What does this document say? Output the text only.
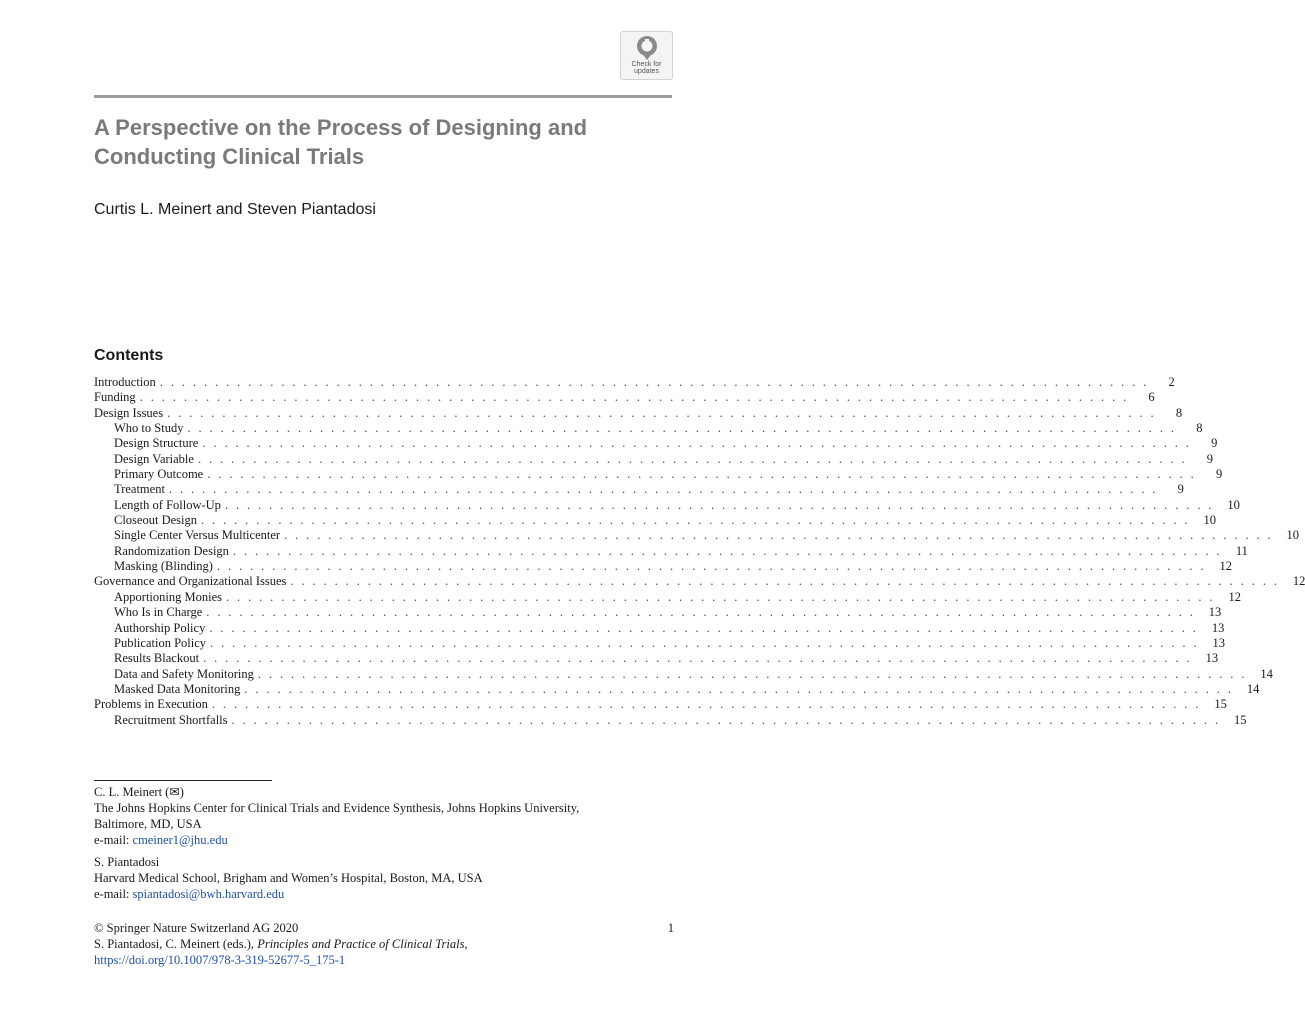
Check for
updates
A Perspective on the Process of Designing and Conducting Clinical Trials

Curtis L. Meinert and Steven Piantadosi

Contents
Introduction . . . . . . . . . . . . . . . . . . . . . . . . . . . . . . . . . . . . . . . . . . . . . . . . . . . . . . . . . . . . . . . . . . . . . . . . . . . . . . . . . . . . . . . . . .	2
Funding . . . . . . . . . . . . . . . . . . . . . . . . . . . . . . . . . . . . . . . . . . . . . . . . . . . . . . . . . . . . . . . . . . . . . . . . . . . . . . . . . . . . . . . . . .	6
Design Issues . . . . . . . . . . . . . . . . . . . . . . . . . . . . . . . . . . . . . . . . . . . . . . . . . . . . . . . . . . . . . . . . . . . . . . . . . . . . . . . . . . . . . . . . . .	8
Who to Study . . . . . . . . . . . . . . . . . . . . . . . . . . . . . . . . . . . . . . . . . . . . . . . . . . . . . . . . . . . . . . . . . . . . . . . . . . . . . . . . . . . . . . . . . .	8
Design Structure . . . . . . . . . . . . . . . . . . . . . . . . . . . . . . . . . . . . . . . . . . . . . . . . . . . . . . . . . . . . . . . . . . . . . . . . . . . . . . . . . . . . . . . . . .	9
Design Variable . . . . . . . . . . . . . . . . . . . . . . . . . . . . . . . . . . . . . . . . . . . . . . . . . . . . . . . . . . . . . . . . . . . . . . . . . . . . . . . . . . . . . . . . . .	9
Primary Outcome . . . . . . . . . . . . . . . . . . . . . . . . . . . . . . . . . . . . . . . . . . . . . . . . . . . . . . . . . . . . . . . . . . . . . . . . . . . . . . . . . . . . . . . . . .	9
Treatment . . . . . . . . . . . . . . . . . . . . . . . . . . . . . . . . . . . . . . . . . . . . . . . . . . . . . . . . . . . . . . . . . . . . . . . . . . . . . . . . . . . . . . . . . .	9
Length of Follow-Up . . . . . . . . . . . . . . . . . . . . . . . . . . . . . . . . . . . . . . . . . . . . . . . . . . . . . . . . . . . . . . . . . . . . . . . . . . . . . . . . . . . . . . . . . .	10
Closeout Design . . . . . . . . . . . . . . . . . . . . . . . . . . . . . . . . . . . . . . . . . . . . . . . . . . . . . . . . . . . . . . . . . . . . . . . . . . . . . . . . . . . . . . . . . .	10
Single Center Versus Multicenter . . . . . . . . . . . . . . . . . . . . . . . . . . . . . . . . . . . . . . . . . . . . . . . . . . . . . . . . . . . . . . . . . . . . . . . . . . . . . . . . . . . . . . . . . .	10
Randomization Design . . . . . . . . . . . . . . . . . . . . . . . . . . . . . . . . . . . . . . . . . . . . . . . . . . . . . . . . . . . . . . . . . . . . . . . . . . . . . . . . . . . . . . . . . .	11
Masking (Blinding) . . . . . . . . . . . . . . . . . . . . . . . . . . . . . . . . . . . . . . . . . . . . . . . . . . . . . . . . . . . . . . . . . . . . . . . . . . . . . . . . . . . . . . . . . .	12
Governance and Organizational Issues . . . . . . . . . . . . . . . . . . . . . . . . . . . . . . . . . . . . . . . . . . . . . . . . . . . . . . . . . . . . . . . . . . . . . . . . . . . . . . . . . . . . . . . . . .	12
Apportioning Monies . . . . . . . . . . . . . . . . . . . . . . . . . . . . . . . . . . . . . . . . . . . . . . . . . . . . . . . . . . . . . . . . . . . . . . . . . . . . . . . . . . . . . . . . . .	12
Who Is in Charge . . . . . . . . . . . . . . . . . . . . . . . . . . . . . . . . . . . . . . . . . . . . . . . . . . . . . . . . . . . . . . . . . . . . . . . . . . . . . . . . . . . . . . . . . .	13
Authorship Policy . . . . . . . . . . . . . . . . . . . . . . . . . . . . . . . . . . . . . . . . . . . . . . . . . . . . . . . . . . . . . . . . . . . . . . . . . . . . . . . . . . . . . . . . . .	13
Publication Policy . . . . . . . . . . . . . . . . . . . . . . . . . . . . . . . . . . . . . . . . . . . . . . . . . . . . . . . . . . . . . . . . . . . . . . . . . . . . . . . . . . . . . . . . . .	13
Results Blackout . . . . . . . . . . . . . . . . . . . . . . . . . . . . . . . . . . . . . . . . . . . . . . . . . . . . . . . . . . . . . . . . . . . . . . . . . . . . . . . . . . . . . . . . . .	13
Data and Safety Monitoring . . . . . . . . . . . . . . . . . . . . . . . . . . . . . . . . . . . . . . . . . . . . . . . . . . . . . . . . . . . . . . . . . . . . . . . . . . . . . . . . . . . . . . . . . .	14
Masked Data Monitoring . . . . . . . . . . . . . . . . . . . . . . . . . . . . . . . . . . . . . . . . . . . . . . . . . . . . . . . . . . . . . . . . . . . . . . . . . . . . . . . . . . . . . . . . . .	14
Problems in Execution . . . . . . . . . . . . . . . . . . . . . . . . . . . . . . . . . . . . . . . . . . . . . . . . . . . . . . . . . . . . . . . . . . . . . . . . . . . . . . . . . . . . . . . . . .	15
Recruitment Shortfalls . . . . . . . . . . . . . . . . . . . . . . . . . . . . . . . . . . . . . . . . . . . . . . . . . . . . . . . . . . . . . . . . . . . . . . . . . . . . . . . . . . . . . . . . . .	15

C. L. Meinert (✉)

The Johns Hopkins Center for Clinical Trials and Evidence Synthesis, Johns Hopkins University,

Baltimore, MD, USA

e-mail: cmeiner1@jhu.edu

S. Piantadosi

Harvard Medical School, Brigham and Women’s Hospital, Boston, MA, USA

e-mail: spiantadosi@bwh.harvard.edu

© Springer Nature Switzerland AG 2020	1

S. Piantadosi, C. Meinert (eds.), Principles and Practice of Clinical Trials,

https://doi.org/10.1007/978-3-319-52677-5_175-1
